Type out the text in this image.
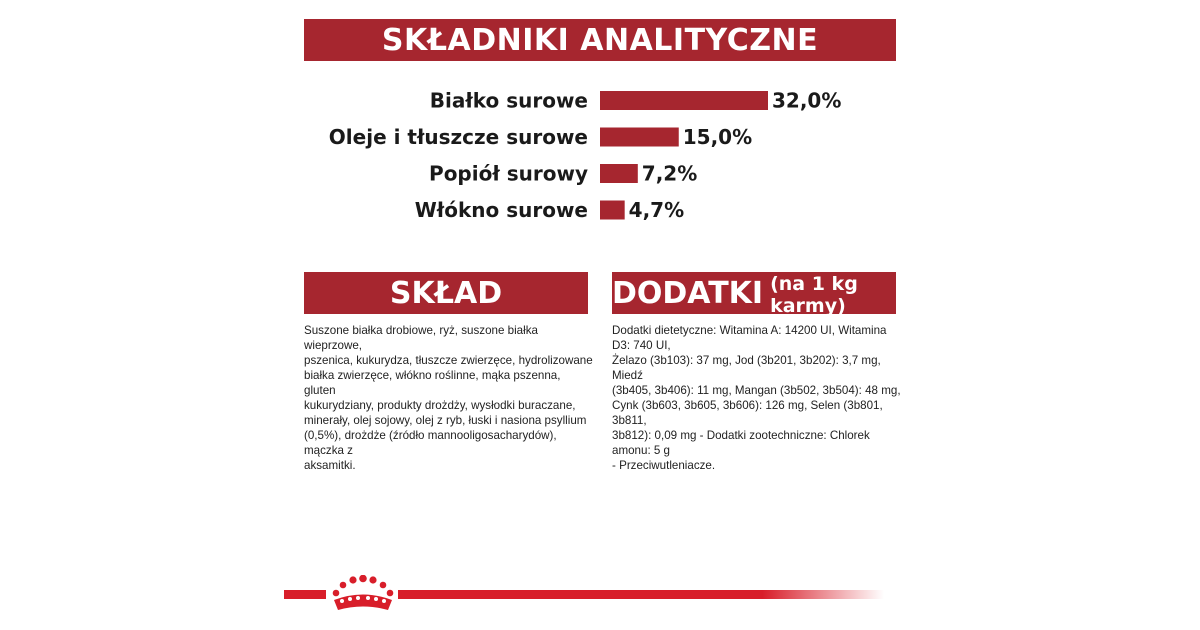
SKŁADNIKI ANALITYCZNE
Białko surowe	32,0%
Oleje i tłuszcze surowe	15,0%
Popiół surowy	7,2%
Włókno surowe 4,7%
SKŁAD	DODATKI (na 1 kg karmy)
Suszone białka drobiowe, ryż, suszone białka wieprzowe,
pszenica, kukurydza, tłuszcze zwierzęce, hydrolizowane
białka zwierzęce, włókno roślinne, mąka pszenna, gluten
kukurydziany, produkty drożdży, wysłodki buraczane,
minerały, olej sojowy, olej z ryb, łuski i nasiona psyllium
(0,5%), drożdże (źródło mannooligosacharydów), mączka z
aksamitki.
Dodatki dietetyczne: Witamina A: 14200 UI, Witamina D3: 740 UI,
Żelazo (3b103): 37 mg, Jod (3b201, 3b202): 3,7 mg, Miedź
(3b405, 3b406): 11 mg, Mangan (3b502, 3b504): 48 mg,
Cynk (3b603, 3b605, 3b606): 126 mg, Selen (3b801, 3b811,
3b812): 0,09 mg - Dodatki zootechniczne: Chlorek amonu: 5 g
- Przeciwutleniacze.
